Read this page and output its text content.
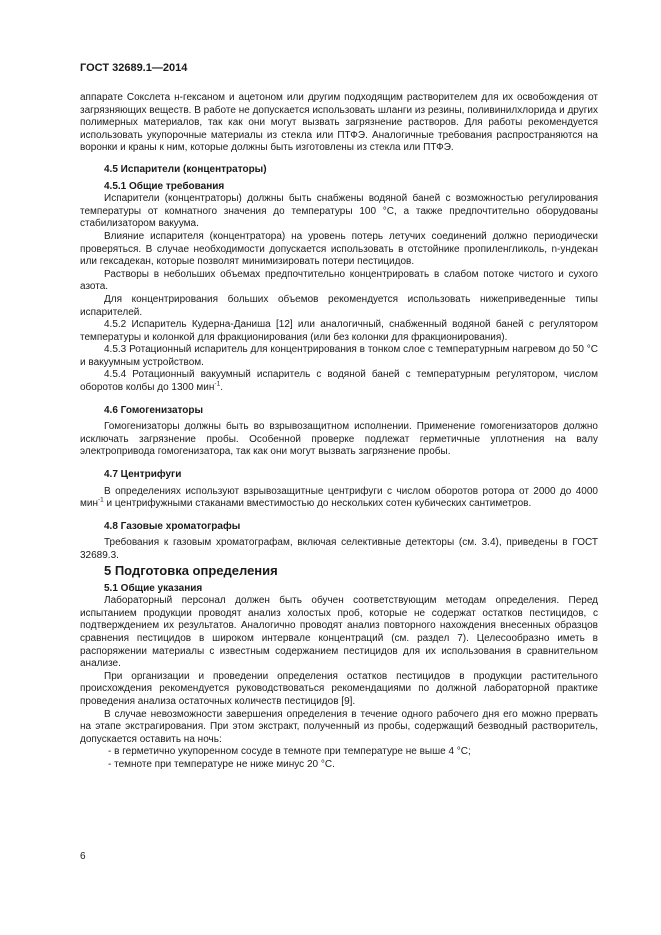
ГОСТ 32689.1—2014

аппарате Сокслета н-гексаном и ацетоном или другим подходящим растворителем для их освобождения от загрязняющих веществ. В работе не допускается использовать шланги из резины, поливинилхлорида и других полимерных материалов, так как они могут вызвать загрязнение растворов. Для работы рекомендуется использовать укупорочные материалы из стекла или ПТФЭ. Аналогичные требования распространяются на воронки и краны к ним, которые должны быть изготовлены из стекла или ПТФЭ.

4.5 Испарители (концентраторы)

4.5.1 Общие требования

Испарители (концентраторы) должны быть снабжены водяной баней с возможностью регулирования температуры от комнатного значения до температуры 100 °С, а также предпочтительно оборудованы стабилизатором вакуума.

Влияние испарителя (концентратора) на уровень потерь летучих соединений должно периодически проверяться. В случае необходимости допускается использовать в отстойнике пропиленгликоль, n-ундекан или гексадекан, которые позволят минимизировать потери пестицидов.

Растворы в небольших объемах предпочтительно концентрировать в слабом потоке чистого и сухого азота.

Для концентрирования больших объемов рекомендуется использовать нижеприведенные типы испарителей.

4.5.2 Испаритель Кудерна-Даниша [12] или аналогичный, снабженный водяной баней с регулятором температуры и колонкой для фракционирования (или без колонки для фракционирования).

4.5.3 Ротационный испаритель для концентрирования в тонком слое с температурным нагревом до 50 °С и вакуумным устройством.

4.5.4 Ротационный вакуумный испаритель с водяной баней с температурным регулятором, числом оборотов колбы до 1300 мин$^{-1}$.

4.6 Гомогенизаторы

Гомогенизаторы должны быть во взрывозащитном исполнении. Применение гомогенизаторов должно исключать загрязнение пробы. Особенной проверке подлежат герметичные уплотнения на валу электропривода гомогенизатора, так как они могут вызвать загрязнение пробы.

4.7 Центрифуги

В определениях используют взрывозащитные центрифуги с числом оборотов ротора от 2000 до 4000 мин$^{-1}$ и центрифужными стаканами вместимостью до нескольких сотен кубических сантиметров.

4.8 Газовые хроматографы

Требования к газовым хроматографам, включая селективные детекторы (см. 3.4), приведены в ГОСТ 32689.3.

5 Подготовка определения

5.1 Общие указания

Лабораторный персонал должен быть обучен соответствующим методам определения. Перед испытанием продукции проводят анализ холостых проб, которые не содержат остатков пестицидов, с подтверждением их результатов. Аналогично проводят анализ повторного нахождения внесенных образцов сравнения пестицидов в широком интервале концентраций (см. раздел 7). Целесообразно иметь в распоряжении материалы с известным содержанием пестицидов для их использования в сравнительном анализе.

При организации и проведении определения остатков пестицидов в продукции растительного происхождения рекомендуется руководствоваться рекомендациями по должной лабораторной практике проведения анализа остаточных количеств пестицидов [9].

В случае невозможности завершения определения в течение одного рабочего дня его можно прервать на этапе экстрагирования. При этом экстракт, полученный из пробы, содержащий безводный растворитель, допускается оставить на ночь:

- в герметично укупоренном сосуде в темноте при температуре не выше 4 °С;

- темноте при температуре не ниже минус 20 °С.

6
